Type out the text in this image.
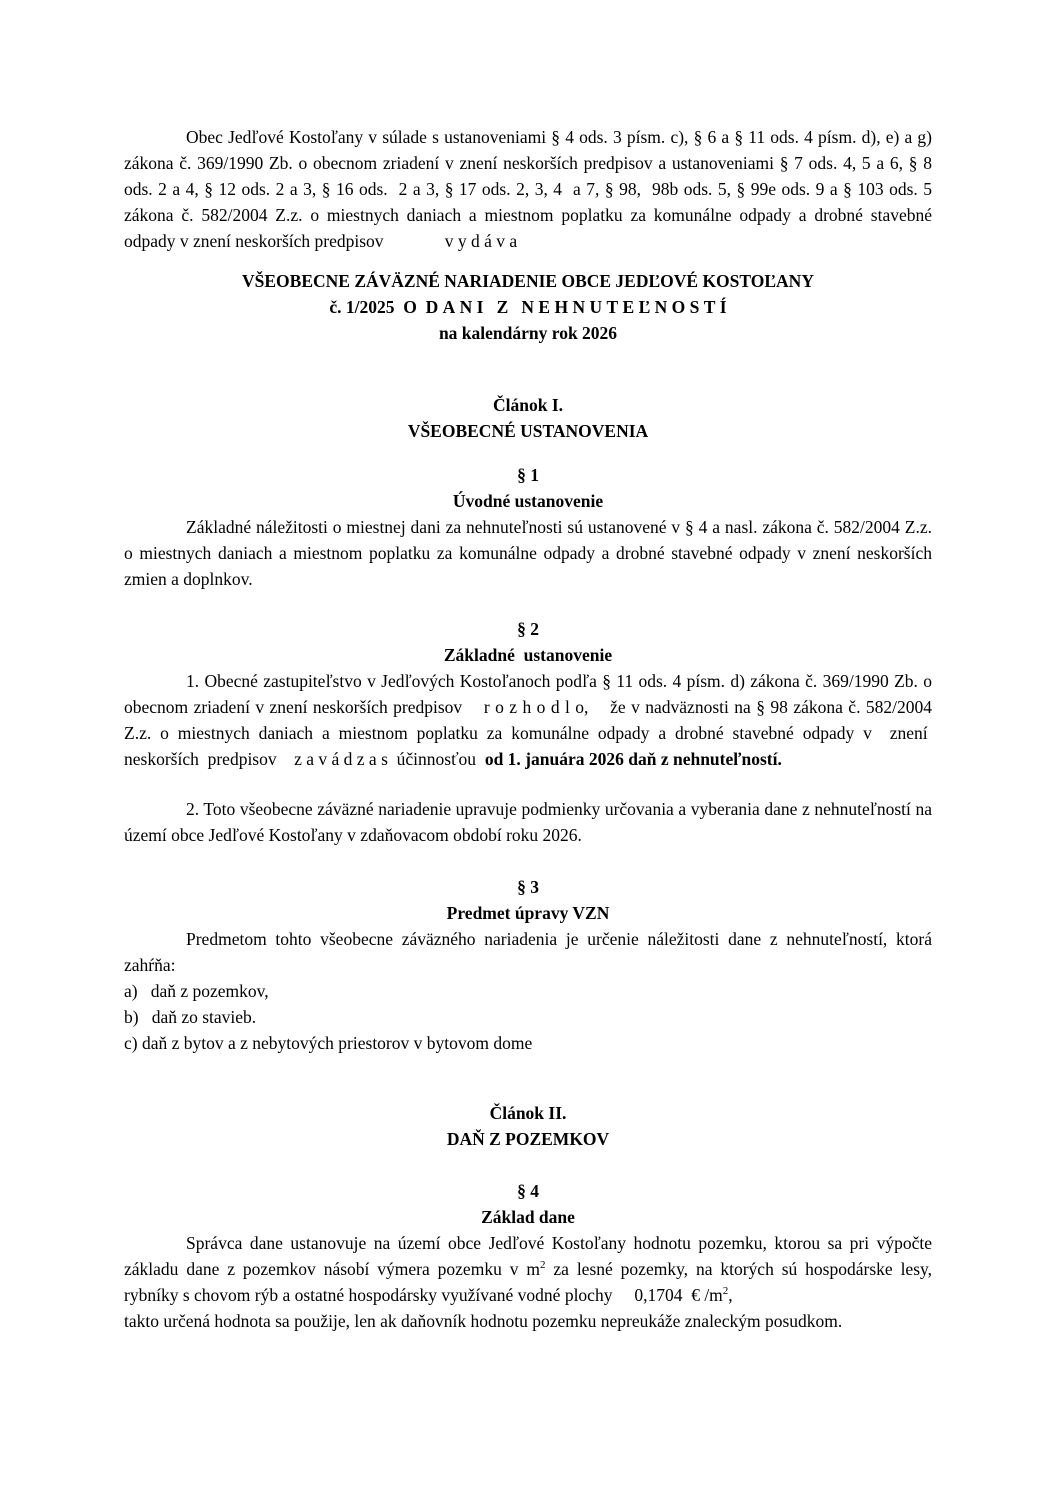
Obec Jedľové Kostoľany v súlade s ustanoveniami § 4 ods. 3 písm. c), § 6 a § 11 ods. 4 písm. d), e) a g) zákona č. 369/1990 Zb. o obecnom zriadení v znení neskorších predpisov a ustanoveniami § 7 ods. 4, 5 a 6, § 8 ods. 2 a 4, § 12 ods. 2 a 3, § 16 ods.  2 a 3, § 17 ods. 2, 3, 4  a 7, § 98,  98b ods. 5, § 99e ods. 9 a § 103 ods. 5 zákona č. 582/2004 Z.z. o miestnych daniach a miestnom poplatku za komunálne odpady a drobné stavebné odpady v znení neskorších predpisov              v y d á v a

VŠEOBECNE ZÁVÄZNÉ NARIADENIE OBCE JEDĽOVÉ KOSTOĽANY
č. 1/2025  O  D A N I   Z   N E H N U T E Ľ N O S T Í
na kalendárny rok 2026
Článok I.
VŠEOBECNÉ USTANOVENIA
§ 1
Úvodné ustanovenie

Základné náležitosti o miestnej dani za nehnuteľnosti sú ustanovené v § 4 a nasl. zákona č. 582/2004 Z.z. o miestnych daniach a miestnom poplatku za komunálne odpady a drobné stavebné odpady v znení neskorších zmien a doplnkov.

§ 2
Základné  ustanovenie

1. Obecné zastupiteľstvo v Jedľových Kostoľanoch podľa § 11 ods. 4 písm. d) zákona č. 369/1990 Zb. o obecnom zriadení v znení neskorších predpisov    r o z h o d l o,    že v nadväznosti na § 98 zákona č. 582/2004 Z.z. o miestnych daniach a miestnom poplatku za komunálne odpady a drobné stavebné odpady v  znení  neskorších  predpisov    z a v á d z a s  účinnosťou  od 1. januára 2026 daň z nehnuteľností.

2. Toto všeobecne záväzné nariadenie upravuje podmienky určovania a vyberania dane z nehnuteľností na území obce Jedľové Kostoľany v zdaňovacom období roku 2026.

§ 3
Predmet úpravy VZN

Predmetom tohto všeobecne záväzného nariadenia je určenie náležitosti dane z nehnuteľností, ktorá zahŕňa:

a)   daň z pozemkov,
b)   daň zo stavieb.
c) daň z bytov a z nebytových priestorov v bytovom dome
Článok II.
DAŇ Z POZEMKOV
§ 4
Základ dane

Správca dane ustanovuje na území obce Jedľové Kostoľany hodnotu pozemku, ktorou sa pri výpočte základu dane z pozemkov násobí výmera pozemku v $m^2$ za lesné pozemky, na ktorých sú hospodárske lesy, rybníky s chovom rýb a ostatné hospodársky využívané vodné plochy     0,1704  € $/m^2$,

takto určená hodnota sa použije, len ak daňovník hodnotu pozemku nepreukáže znaleckým posudkom.
